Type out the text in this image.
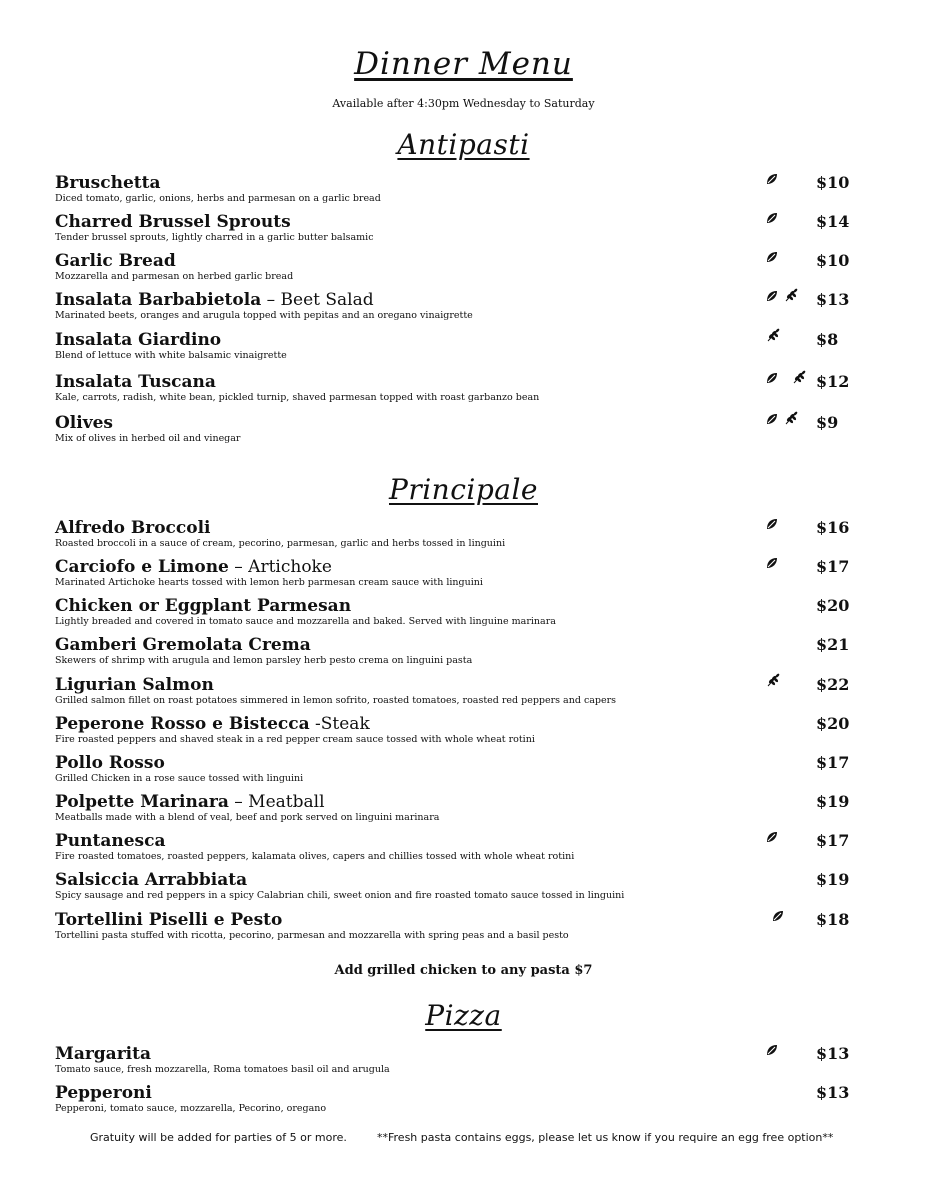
Dinner Menu
Available after 4:30pm Wednesday to Saturday
Antipasti
Principale
Pizza
Bruschetta
Diced tomato, garlic, onions, herbs and parmesan on a garlic bread
$10
Charred Brussel Sprouts
Tender brussel sprouts, lightly charred in a garlic butter balsamic
$14
Garlic Bread
Mozzarella and parmesan on herbed garlic bread
$10
Insalata Barbabietola – Beet Salad
Marinated beets, oranges and arugula topped with pepitas and an oregano vinaigrette
$13
Insalata Giardino
Blend of lettuce with white balsamic vinaigrette
$8
Insalata Tuscana
Kale, carrots, radish, white bean, pickled turnip, shaved parmesan topped with roast garbanzo bean
$12
Olives
Mix of olives in herbed oil and vinegar
$9
Alfredo Broccoli
Roasted broccoli in a sauce of cream, pecorino, parmesan, garlic and herbs tossed in linguini
$16
Carciofo e Limone – Artichoke
Marinated Artichoke hearts tossed with lemon herb parmesan cream sauce with linguini
$17
Chicken or Eggplant Parmesan
Lightly breaded and covered in tomato sauce and mozzarella and baked. Served with linguine marinara
$20
Gamberi Gremolata Crema
Skewers of shrimp with arugula and lemon parsley herb pesto crema on linguini pasta
$21
Ligurian Salmon
Grilled salmon fillet on roast potatoes simmered in lemon sofrito, roasted tomatoes, roasted red peppers and capers
$22
Peperone Rosso e Bistecca -Steak
Fire roasted peppers and shaved steak in a red pepper cream sauce tossed with whole wheat rotini
$20
Pollo Rosso
Grilled Chicken in a rose sauce tossed with linguini
$17
Polpette Marinara – Meatball
Meatballs made with a blend of veal, beef and pork served on linguini marinara
$19
Puntanesca
Fire roasted tomatoes, roasted peppers, kalamata olives, capers and chillies tossed with whole wheat rotini
$17
Salsiccia Arrabbiata
Spicy sausage and red peppers in a spicy Calabrian chili, sweet onion and fire roasted tomato sauce tossed in linguini
$19
Tortellini Piselli e Pesto
Tortellini pasta stuffed with ricotta, pecorino, parmesan and mozzarella with spring peas and a basil pesto
$18
Margarita
Tomato sauce, fresh mozzarella, Roma tomatoes basil oil and arugula
$13
Pepperoni
Pepperoni, tomato sauce, mozzarella, Pecorino, oregano
$13
Add grilled chicken to any pasta $7
Gratuity will be added for parties of 5 or more.	**Fresh pasta contains eggs, please let us know if you require an egg free option**
